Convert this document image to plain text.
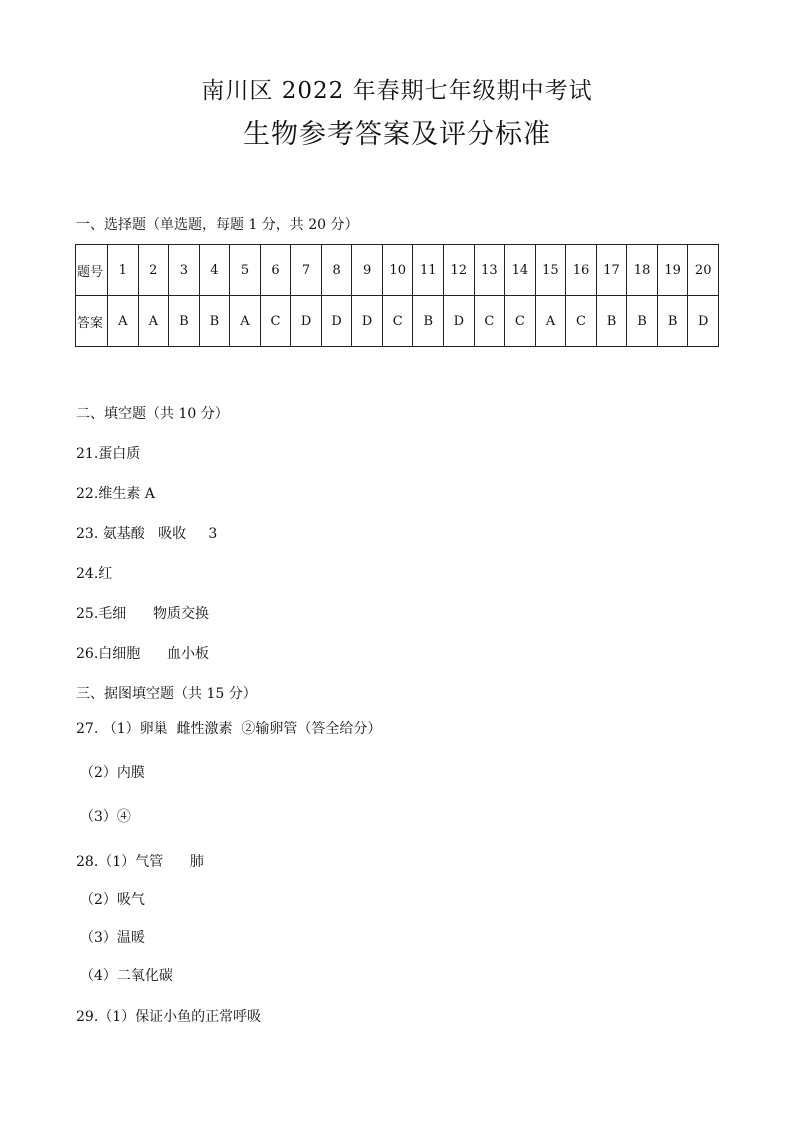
南川区 2022 年春期七年级期中考试
生物参考答案及评分标准
一、选择题（单选题，每题 1 分，共 20 分）
题号	1	2	3	4	5	6	7	8	9	10	11	12	13	14	15	16	17	18	19	20
答案	A	A	B	B	A	C	D	D	D	C	B	D	C	C	A	C	B	B	B	D
二、填空题（共 10 分）
21.蛋白质
22.维生素 A
23. 氨基酸   吸收     3
24.红
25.毛细      物质交换
26.白细胞      血小板
三、据图填空题（共 15 分）
27. （1）卵巢  雌性激素  ②输卵管（答全给分）
（2）内膜
（3）④
28.（1）气管      肺
（2）吸气
（3）温暖
（4）二氧化碳
29.（1）保证小鱼的正常呼吸
